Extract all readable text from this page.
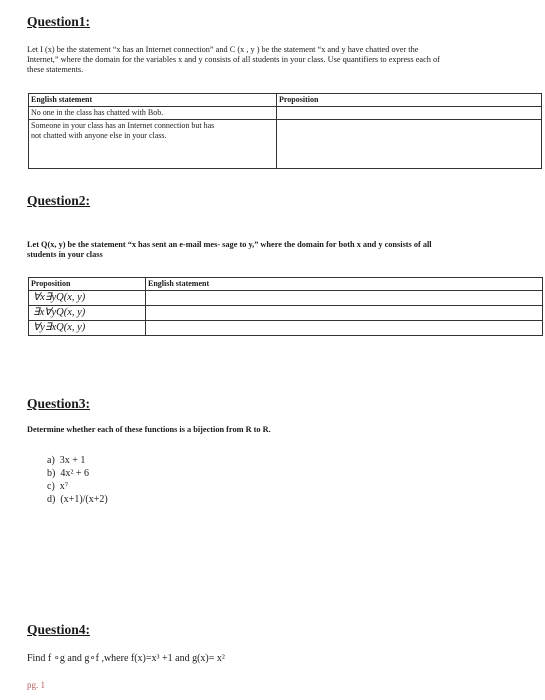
Question1:
Let I (x) be the statement “x has an Internet connection” and C (x , y ) be the statement “x and y have chatted over the
Internet,” where the domain for the variables x and y consists of all students in your class. Use quantifiers to express each of
these statements.
English statement	Proposition
No one in the class has chatted with Bob.	

Someone in your class has an Internet connection but has
not chatted with anyone else in your class.	

Question2:
Let Q(x, y) be the statement “x has sent an e-mail mes- sage to y,” where the domain for both x and y consists of all
students in your class
Proposition	English statement
∀x∃yQ(x, y)	
∃x∀yQ(x, y)	
∀y∃xQ(x, y)	
Question3:
Determine whether each of these functions is a bijection from R to R.
a) 3x + 1
b) 4x² + 6
c) x⁷
d) (x+1)/(x+2)
Question4:
Find f ∘g and g∘f ,where f(x)=x³ +1 and g(x)= x²
pg. 1
